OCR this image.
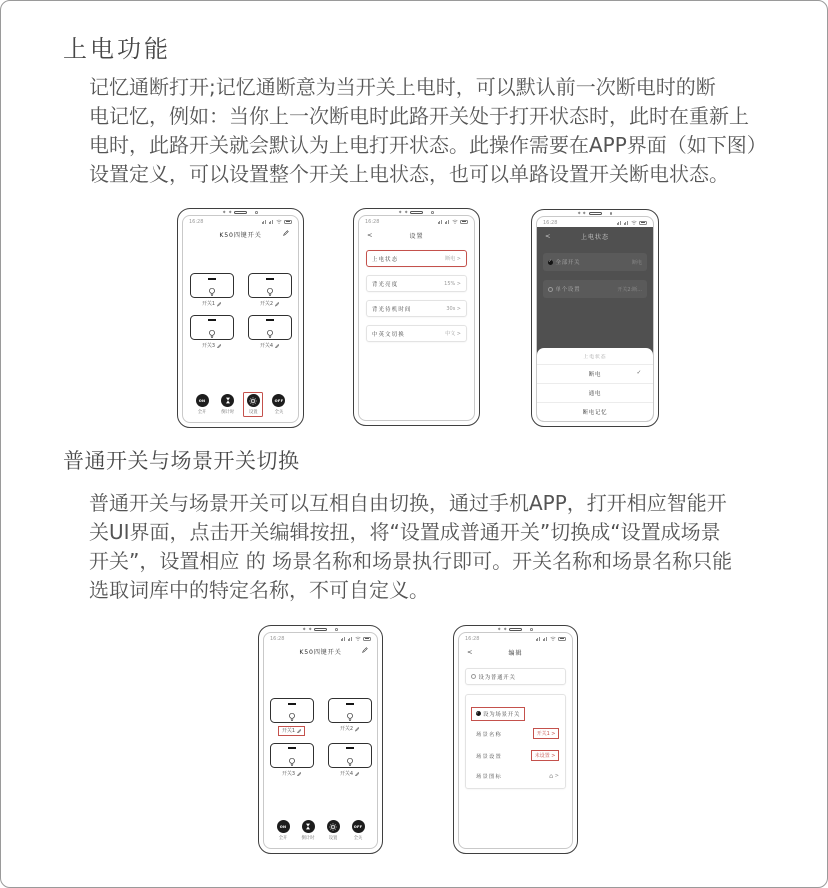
上电功能
记忆通断打开;记忆通断意为当开关上电时，可以默认前一次断电时的断
电记忆，例如：当你上一次断电时此路开关处于打开状态时，此时在重新上
电时，此路开关就会默认为上电打开状态。此操作需要在APP界面（如下图）
设置定义，可以设置整个开关上电状态，也可以单路设置开关断电状态。
16:28
K50四键开关
开关1	开关2
开关3	开关4
ON
全开	倒计时	设置
OFF
全关
16:28
<	设置
上电状态	断电 >
背光亮度	15% >
背光待机时间	30s >
中英文切换	中文 >
16:28
<	上电状态
✓ 全部开关	断电
单个设置	开关2:断...
上电状态
断电	✓
通电
断电记忆
普通开关与场景开关切换
普通开关与场景开关可以互相自由切换，通过手机APP，打开相应智能开
关UI界面，点击开关编辑按扭，将“设置成普通开关”切换成“设置成场景
开关”，设置相应 的 场景名称和场景执行即可。开关名称和场景名称只能
选取词库中的特定名称，不可自定义。
16:28
K50四键开关
开关1	开关2
开关3	开关4
ON
全开	倒计时	设置
OFF
全关
16:28
<	编辑
设为普通开关
✓ 设为场景开关
场景名称	开关1 >
场景设置	未设置 >
场景图标	⌂ >
